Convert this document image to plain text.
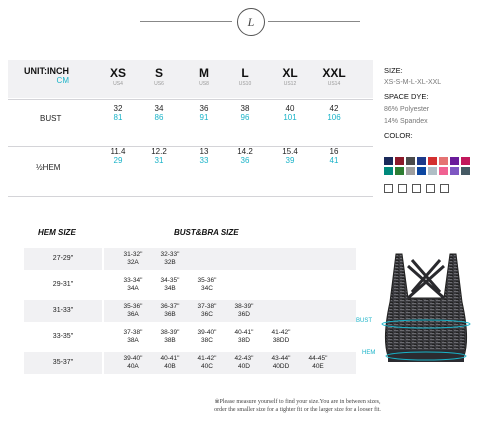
L
UNIT:INCH
CM
BUST
½HEM
XS
US4
32
81
11.4
29
S
US6
34
86
12.2
31
M
US8
36
91
13
33
L
US10
38
96
14.2
36
XL
US12
40
101
15.4
39
XXL
US14
42
106
16
41
SIZE:
XS-S-M-L-XL-XXL
SPACE DYE:
86% Polyester
14% Spandex
COLOR:
HEM SIZE	BUST&BRA SIZE
27-29"
31-32"
32A
32-33"
32B
29-31"
33-34"
34A
34-35"
34B
35-36"
34C
31-33"
35-36"
36A
36-37"
36B
37-38"
36C
38-39"
36D
33-35"
37-38"
38A
38-39"
38B
39-40"
38C
40-41"
38D
41-42"
38DD
35-37"
39-40"
40A
40-41"
40B
41-42"
40C
42-43"
40D
43-44"
40DD
44-45"
40E
BUST
HEM
※Please measure yourself to find your size.You are in between sizes,
order the smaller size for a tighter fit or the larger size for a looser fit.
